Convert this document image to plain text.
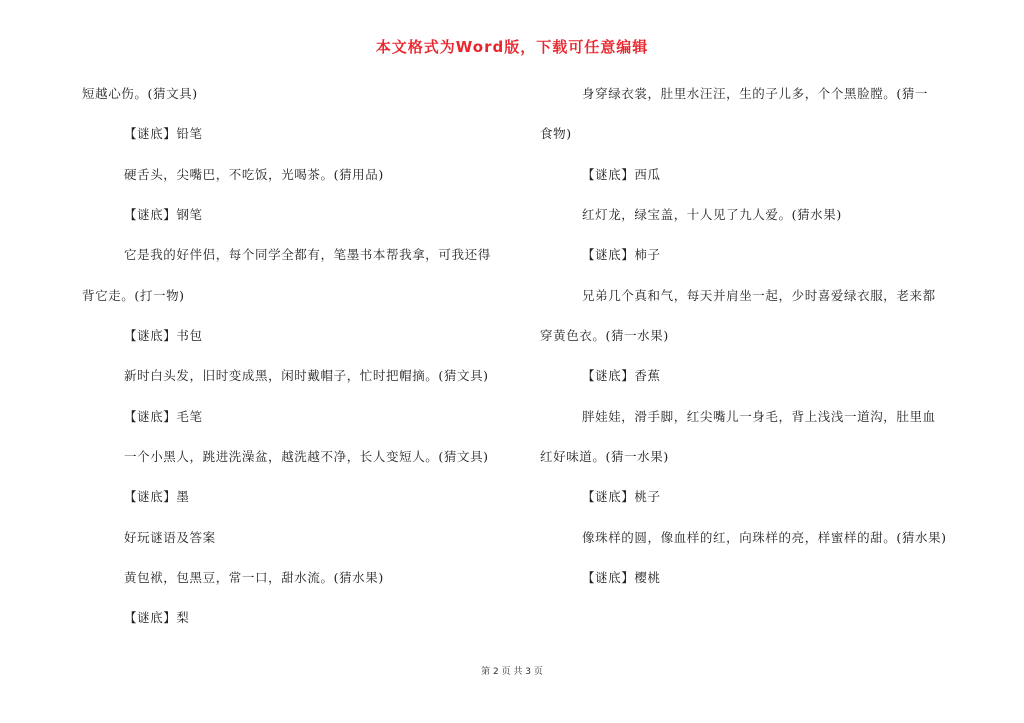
本文格式为Word版，下载可任意编辑
短越心伤。(猜文具)
【谜底】铅笔
硬舌头，尖嘴巴，不吃饭，光喝茶。(猜用品)
【谜底】钢笔
它是我的好伴侣，每个同学全都有，笔墨书本帮我拿，可我还得
背它走。(打一物)
【谜底】书包
新时白头发，旧时变成黑，闲时戴帽子，忙时把帽摘。(猜文具)
【谜底】毛笔
一个小黑人，跳进洗澡盆，越洗越不净，长人变短人。(猜文具)
【谜底】墨
好玩谜语及答案
黄包袱，包黑豆，常一口，甜水流。(猜水果)
【谜底】梨
身穿绿衣裳，肚里水汪汪，生的子儿多，个个黑脸膛。(猜一
食物)
【谜底】西瓜
红灯龙，绿宝盖，十人见了九人爱。(猜水果)
【谜底】柿子
兄弟几个真和气，每天并肩坐一起，少时喜爱绿衣服，老来都
穿黄色衣。(猜一水果)
【谜底】香蕉
胖娃娃，滑手脚，红尖嘴儿一身毛，背上浅浅一道沟，肚里血
红好味道。(猜一水果)
【谜底】桃子
像珠样的圆，像血样的红，向珠样的亮，样蜜样的甜。(猜水果)
【谜底】樱桃
第 2 页 共 3 页
